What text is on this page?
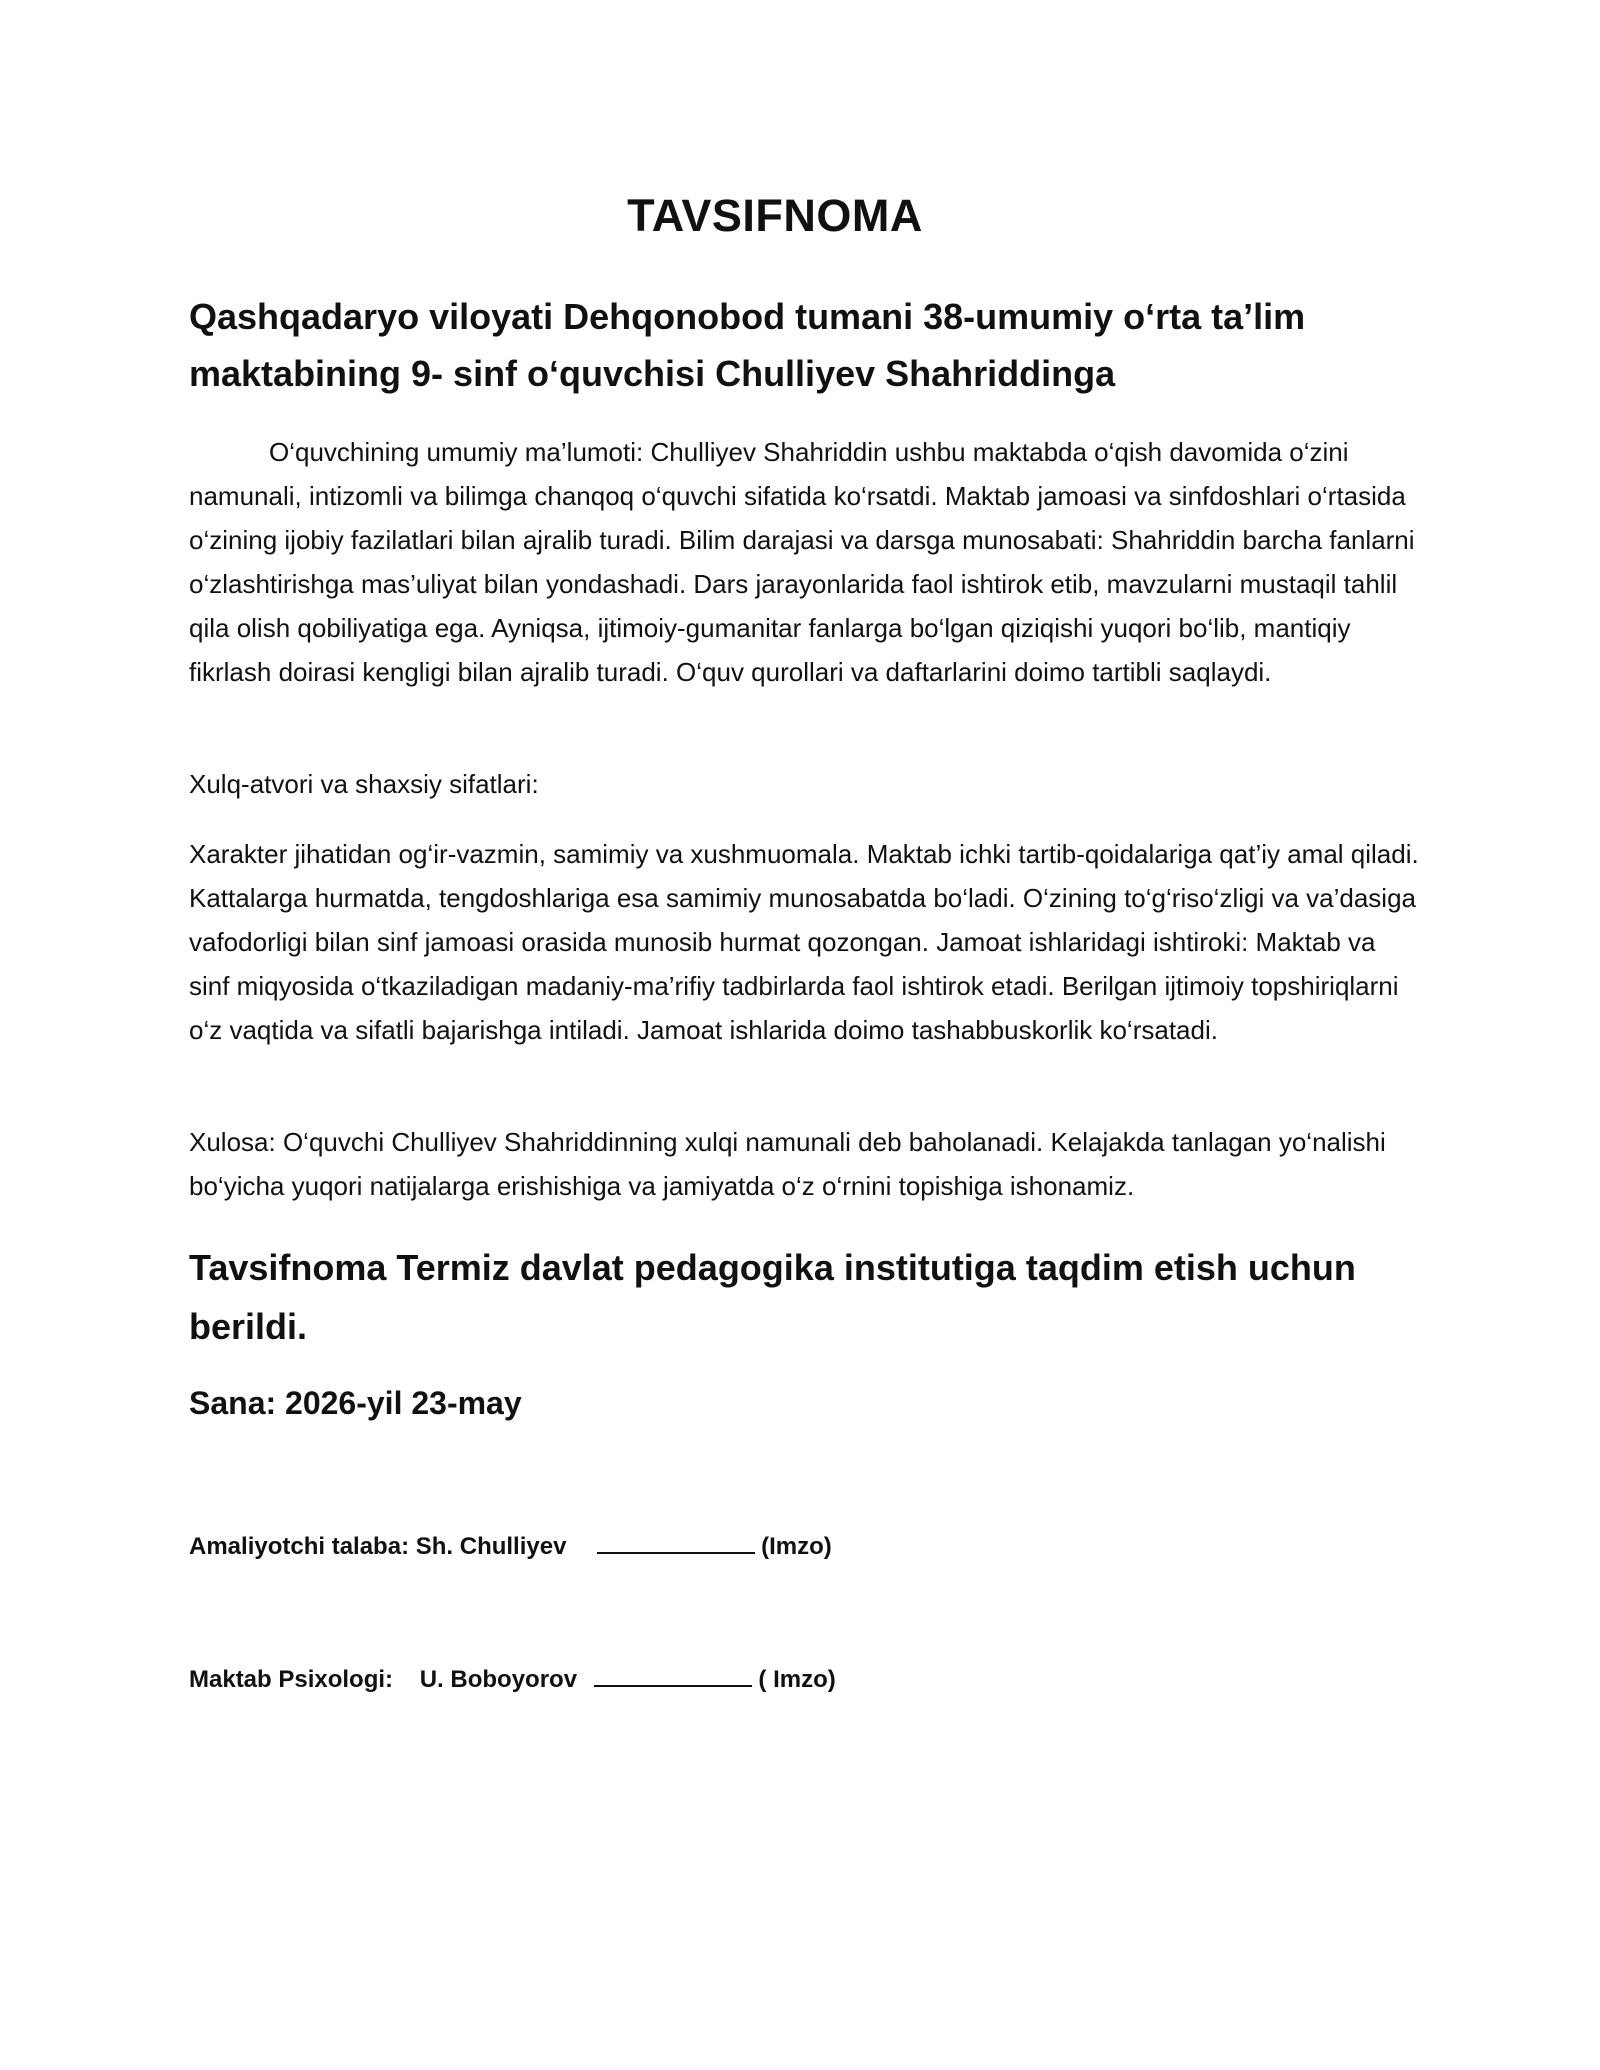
TAVSIFNOMA
Qashqadaryo viloyati Dehqonobod tumani 38-umumiy o‘rta ta’lim maktabining 9- sinf o‘quvchisi Chulliyev Shahriddinga

O‘quvchining umumiy ma’lumoti: Chulliyev Shahriddin ushbu maktabda o‘qish davomida o‘zini namunali, intizomli va bilimga chanqoq o‘quvchi sifatida ko‘rsatdi. Maktab jamoasi va sinfdoshlari o‘rtasida o‘zining ijobiy fazilatlari bilan ajralib turadi. Bilim darajasi va darsga munosabati: Shahriddin barcha fanlarni o‘zlashtirishga mas’uliyat bilan yondashadi. Dars jarayonlarida faol ishtirok etib, mavzularni mustaqil tahlil qila olish qobiliyatiga ega. Ayniqsa, ijtimoiy-gumanitar fanlarga bo‘lgan qiziqishi yuqori bo‘lib, mantiqiy fikrlash doirasi kengligi bilan ajralib turadi. O‘quv qurollari va daftarlarini doimo tartibli saqlaydi.

Xulq-atvori va shaxsiy sifatlari:

Xarakter jihatidan og‘ir-vazmin, samimiy va xushmuomala. Maktab ichki tartib-qoidalariga qat’iy amal qiladi. Kattalarga hurmatda, tengdoshlariga esa samimiy munosabatda bo‘ladi. O‘zining to‘g‘riso‘zligi va va’dasiga vafodorligi bilan sinf jamoasi orasida munosib hurmat qozongan. Jamoat ishlaridagi ishtiroki: Maktab va sinf miqyosida o‘tkaziladigan madaniy-ma’rifiy tadbirlarda faol ishtirok etadi. Berilgan ijtimoiy topshiriqlarni o‘z vaqtida va sifatli bajarishga intiladi. Jamoat ishlarida doimo tashabbuskorlik ko‘rsatadi.

Xulosa: O‘quvchi Chulliyev Shahriddinning xulqi namunali deb baholanadi. Kelajakda tanlagan yo‘nalishi bo‘yicha yuqori natijalarga erishishiga va jamiyatda o‘z o‘rnini topishiga ishonamiz.

Tavsifnoma Termiz davlat pedagogika institutiga taqdim etish uchun berildi.
Sana: 2026-yil 23-may
Amaliyotchi talaba: Sh. Chulliyev	(Imzo)
Maktab Psixologi: U. Boboyorov	( Imzo)
